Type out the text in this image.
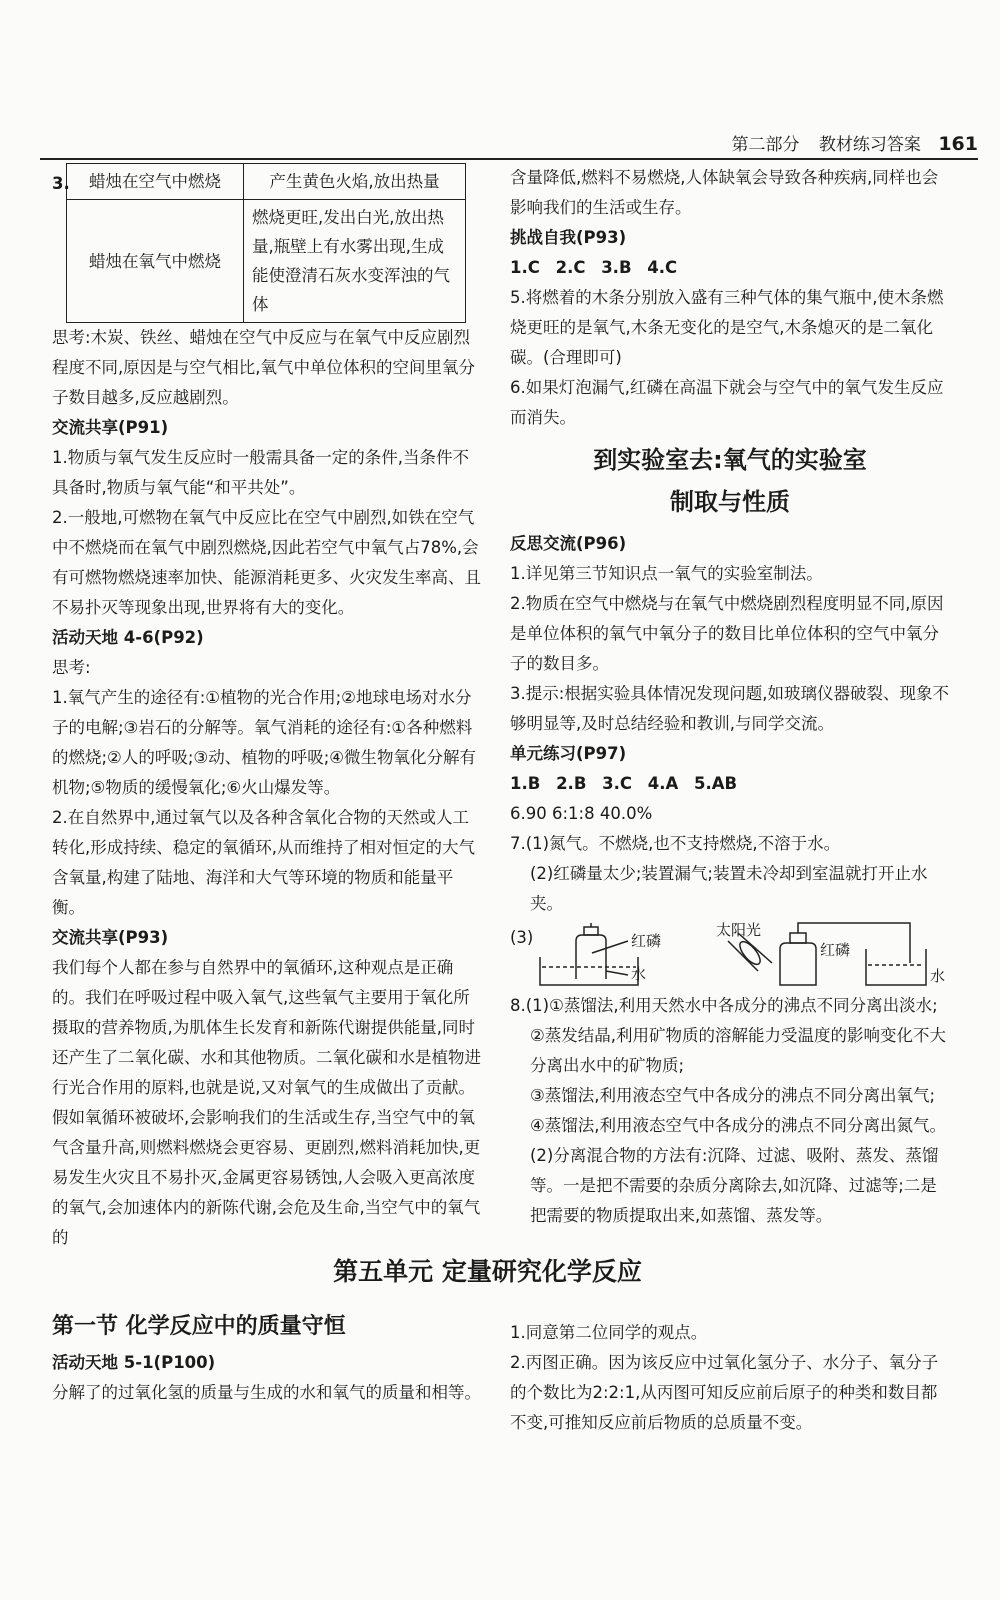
第二部分 教材练习答案 161
3. 蜡烛在空气中燃烧	产生黄色火焰,放出热量
蜡烛在氧气中燃烧	燃烧更旺,发出白光,放出热量,瓶壁上有水雾出现,生成能使澄清石灰水变浑浊的气体

思考:木炭、铁丝、蜡烛在空气中反应与在氧气中反应剧烈程度不同,原因是与空气相比,氧气中单位体积的空间里氧分子数目越多,反应越剧烈。

交流共享(P91)

1.物质与氧气发生反应时一般需具备一定的条件,当条件不具备时,物质与氧气能“和平共处”。

2.一般地,可燃物在氧气中反应比在空气中剧烈,如铁在空气中不燃烧而在氧气中剧烈燃烧,因此若空气中氧气占78%,会有可燃物燃烧速率加快、能源消耗更多、火灾发生率高、且不易扑灭等现象出现,世界将有大的变化。

活动天地 4-6(P92)

思考:

1.氧气产生的途径有:①植物的光合作用;②地球电场对水分子的电解;③岩石的分解等。氧气消耗的途径有:①各种燃料的燃烧;②人的呼吸;③动、植物的呼吸;④微生物氧化分解有机物;⑤物质的缓慢氧化;⑥火山爆发等。

2.在自然界中,通过氧气以及各种含氧化合物的天然或人工转化,形成持续、稳定的氧循环,从而维持了相对恒定的大气含氧量,构建了陆地、海洋和大气等环境的物质和能量平衡。

交流共享(P93)

我们每个人都在参与自然界中的氧循环,这种观点是正确的。我们在呼吸过程中吸入氧气,这些氧气主要用于氧化所摄取的营养物质,为肌体生长发育和新陈代谢提供能量,同时还产生了二氧化碳、水和其他物质。二氧化碳和水是植物进行光合作用的原料,也就是说,又对氧气的生成做出了贡献。假如氧循环被破坏,会影响我们的生活或生存,当空气中的氧气含量升高,则燃料燃烧会更容易、更剧烈,燃料消耗加快,更易发生火灾且不易扑灭,金属更容易锈蚀,人会吸入更高浓度的氧气,会加速体内的新陈代谢,会危及生命,当空气中的氧气的

含量降低,燃料不易燃烧,人体缺氧会导致各种疾病,同样也会影响我们的生活或生存。

挑战自我(P93)

1.C 2.C 3.B 4.C

5.将燃着的木条分别放入盛有三种气体的集气瓶中,使木条燃烧更旺的是氧气,木条无变化的是空气,木条熄灭的是二氧化碳。(合理即可)

6.如果灯泡漏气,红磷在高温下就会与空气中的氧气发生反应而消失。

到实验室去:氧气的实验室
制取与性质

反思交流(P96)

1.详见第三节知识点一氧气的实验室制法。

2.物质在空气中燃烧与在氧气中燃烧剧烈程度明显不同,原因是单位体积的氧气中氧分子的数目比单位体积的空气中氧分子的数目多。

3.提示:根据实验具体情况发现问题,如玻璃仪器破裂、现象不够明显等,及时总结经验和教训,与同学交流。

单元练习(P97)

1.B 2.B 3.C 4.A 5.AB

6.90 6:1:8 40.0%

7.(1)氮气。不燃烧,也不支持燃烧,不溶于水。

(2)红磷量太少;装置漏气;装置未冷却到室温就打开止水夹。

(3)	红磷
水
太阳光
红磷
水

8.(1)①蒸馏法,利用天然水中各成分的沸点不同分离出淡水;

②蒸发结晶,利用矿物质的溶解能力受温度的影响变化不大分离出水中的矿物质;

③蒸馏法,利用液态空气中各成分的沸点不同分离出氧气;

④蒸馏法,利用液态空气中各成分的沸点不同分离出氮气。

(2)分离混合物的方法有:沉降、过滤、吸附、蒸发、蒸馏等。一是把不需要的杂质分离除去,如沉降、过滤等;二是把需要的物质提取出来,如蒸馏、蒸发等。

第五单元 定量研究化学反应

第一节 化学反应中的质量守恒

活动天地 5-1(P100)

分解了的过氧化氢的质量与生成的水和氧气的质量和相等。

1.同意第二位同学的观点。

2.丙图正确。因为该反应中过氧化氢分子、水分子、氧分子的个数比为2:2:1,从丙图可知反应前后原子的种类和数目都不变,可推知反应前后物质的总质量不变。
